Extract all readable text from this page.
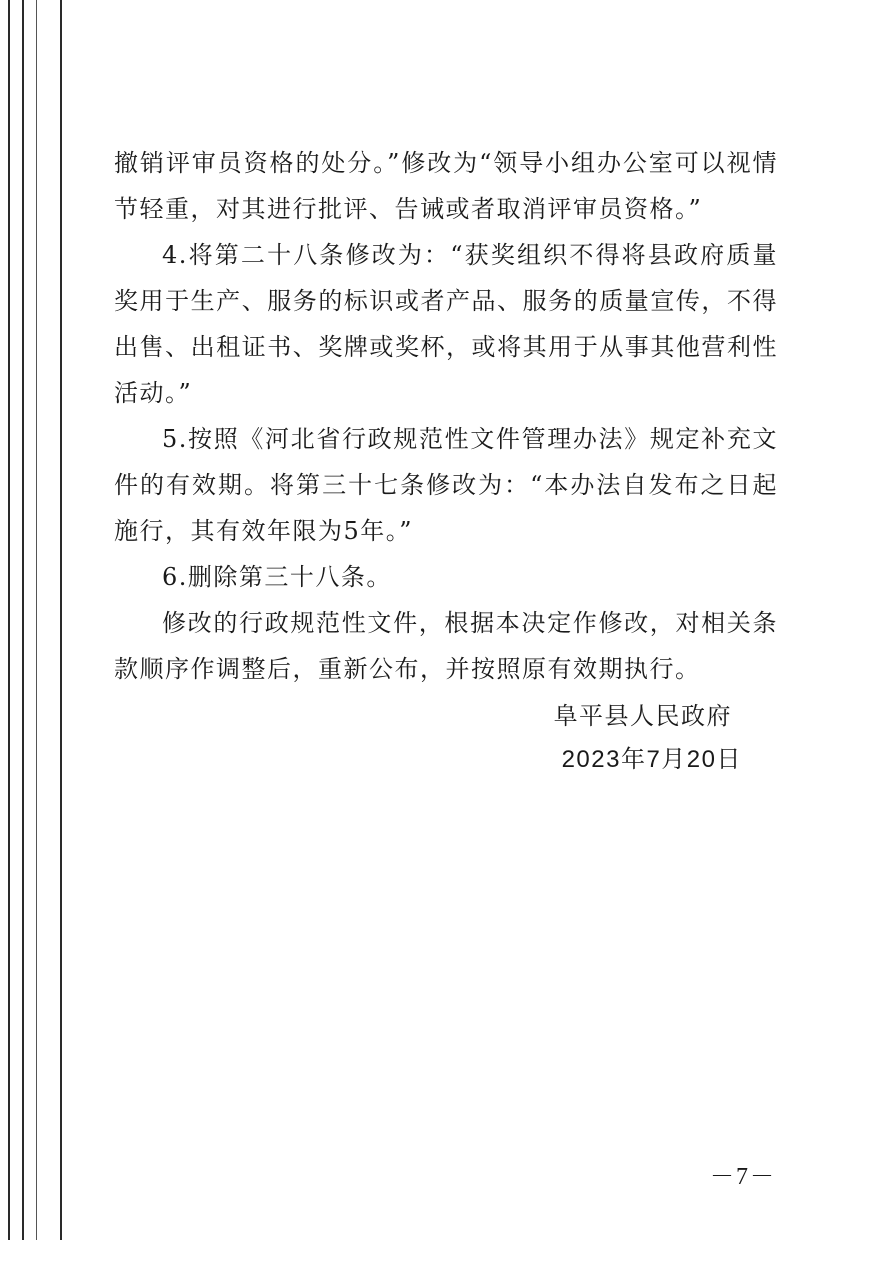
撤销评审员资格的处分。”修改为“领导小组办公室可以视情节轻重，对其进行批评、告诫或者取消评审员资格。”

4.将第二十八条修改为：“获奖组织不得将县政府质量奖用于生产、服务的标识或者产品、服务的质量宣传，不得出售、出租证书、奖牌或奖杯，或将其用于从事其他营利性活动。”

5.按照《河北省行政规范性文件管理办法》规定补充文件的有效期。将第三十七条修改为：“本办法自发布之日起施行，其有效年限为5年。”

6.删除第三十八条。

修改的行政规范性文件，根据本决定作修改，对相关条款顺序作调整后，重新公布，并按照原有效期执行。

阜平县人民政府
2023年7月20日
－7－
